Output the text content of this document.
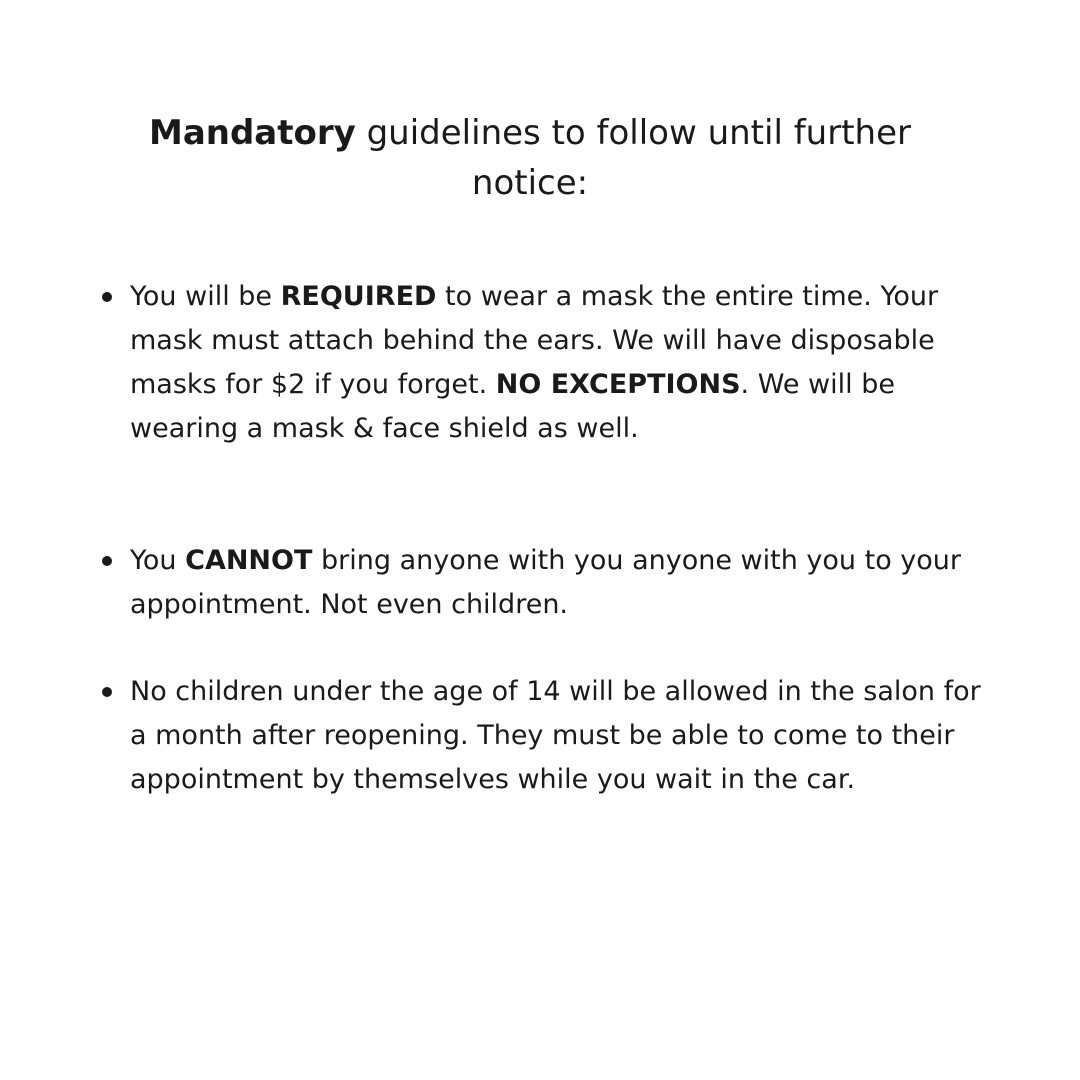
Mandatory guidelines to follow until further notice:
You will be REQUIRED to wear a mask the entire time. Your mask must attach behind the ears. We will have disposable masks for $2 if you forget. NO EXCEPTIONS. We will be wearing a mask & face shield as well.
You CANNOT bring anyone with you anyone with you to your appointment. Not even children.
No children under the age of 14 will be allowed in the salon for a month after reopening. They must be able to come to their appointment by themselves while you wait in the car.
